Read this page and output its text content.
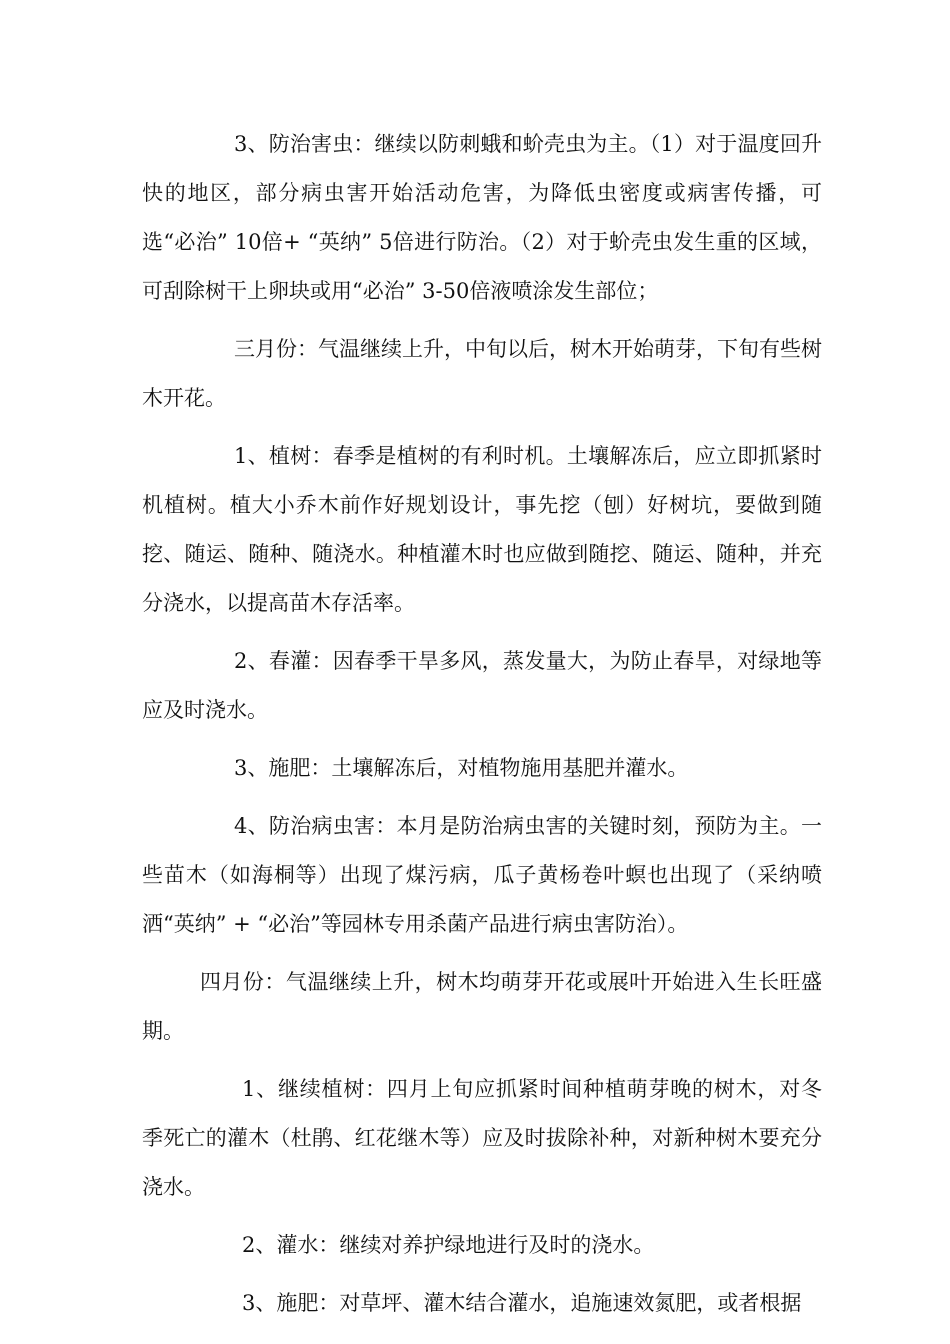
3、防治害虫：继续以防刺蛾和蚧壳虫为主。（1）对于温度回升快的地区，部分病虫害开始活动危害，为降低虫密度或病害传播，可选“必治” 10倍+ “英纳” 5倍进行防治。（2）对于蚧壳虫发生重的区域，可刮除树干上卵块或用“必治” 3-50倍液喷涂发生部位；

三月份：气温继续上升，中旬以后，树木开始萌芽，下旬有些树木开花。

1、植树：春季是植树的有利时机。土壤解冻后，应立即抓紧时机植树。植大小乔木前作好规划设计，事先挖（刨）好树坑，要做到随挖、随运、随种、随浇水。种植灌木时也应做到随挖、随运、随种，并充分浇水，以提高苗木存活率。

2、春灌：因春季干旱多风，蒸发量大，为防止春旱，对绿地等应及时浇水。

3、施肥：土壤解冻后，对植物施用基肥并灌水。

4、防治病虫害：本月是防治病虫害的关键时刻，预防为主。一些苗木（如海桐等）出现了煤污病，瓜子黄杨卷叶螟也出现了（采纳喷洒“英纳” + “必治”等园林专用杀菌产品进行病虫害防治）。

四月份：气温继续上升，树木均萌芽开花或展叶开始进入生长旺盛期。

1、继续植树：四月上旬应抓紧时间种植萌芽晚的树木，对冬季死亡的灌木（杜鹃、红花继木等）应及时拔除补种，对新种树木要充分浇水。

2、灌水：继续对养护绿地进行及时的浇水。

3、施肥：对草坪、灌木结合灌水，追施速效氮肥，或者根据
